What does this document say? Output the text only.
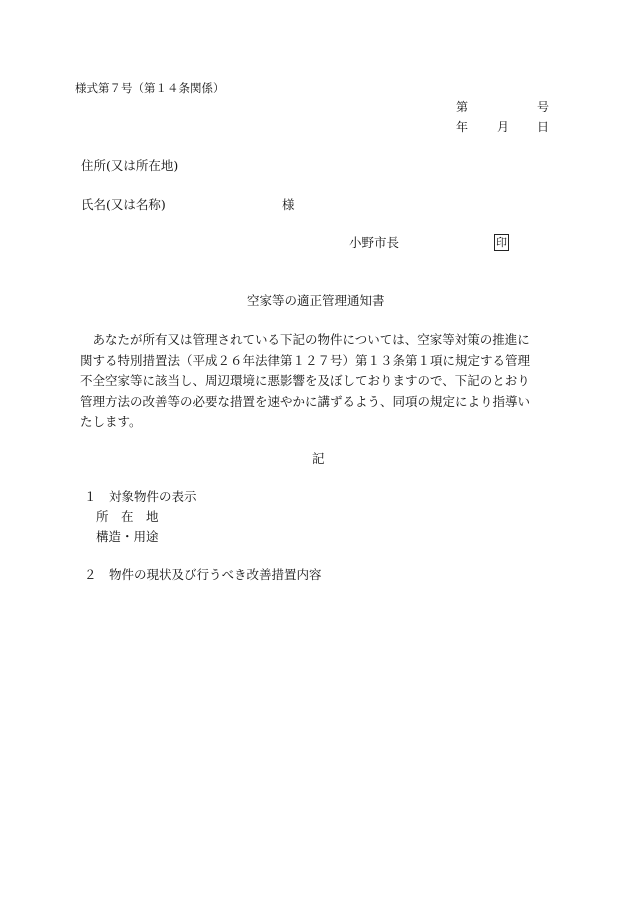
様式第７号（第１４条関係）
第	号
年 月 日
住所(又は所在地)
氏名(又は名称)	様
小野市長	印
空家等の適正管理通知書

　あなたが所有又は管理されている下記の物件については、空家等対策の推進に

関する特別措置法（平成２６年法律第１２７号）第１３条第１項に規定する管理

不全空家等に該当し、周辺環境に悪影響を及ぼしておりますので、下記のとおり

管理方法の改善等の必要な措置を速やかに講ずるよう、同項の規定により指導い

たします。

記
１　対象物件の表示
所　在　地
構造・用途
２　物件の現状及び行うべき改善措置内容
